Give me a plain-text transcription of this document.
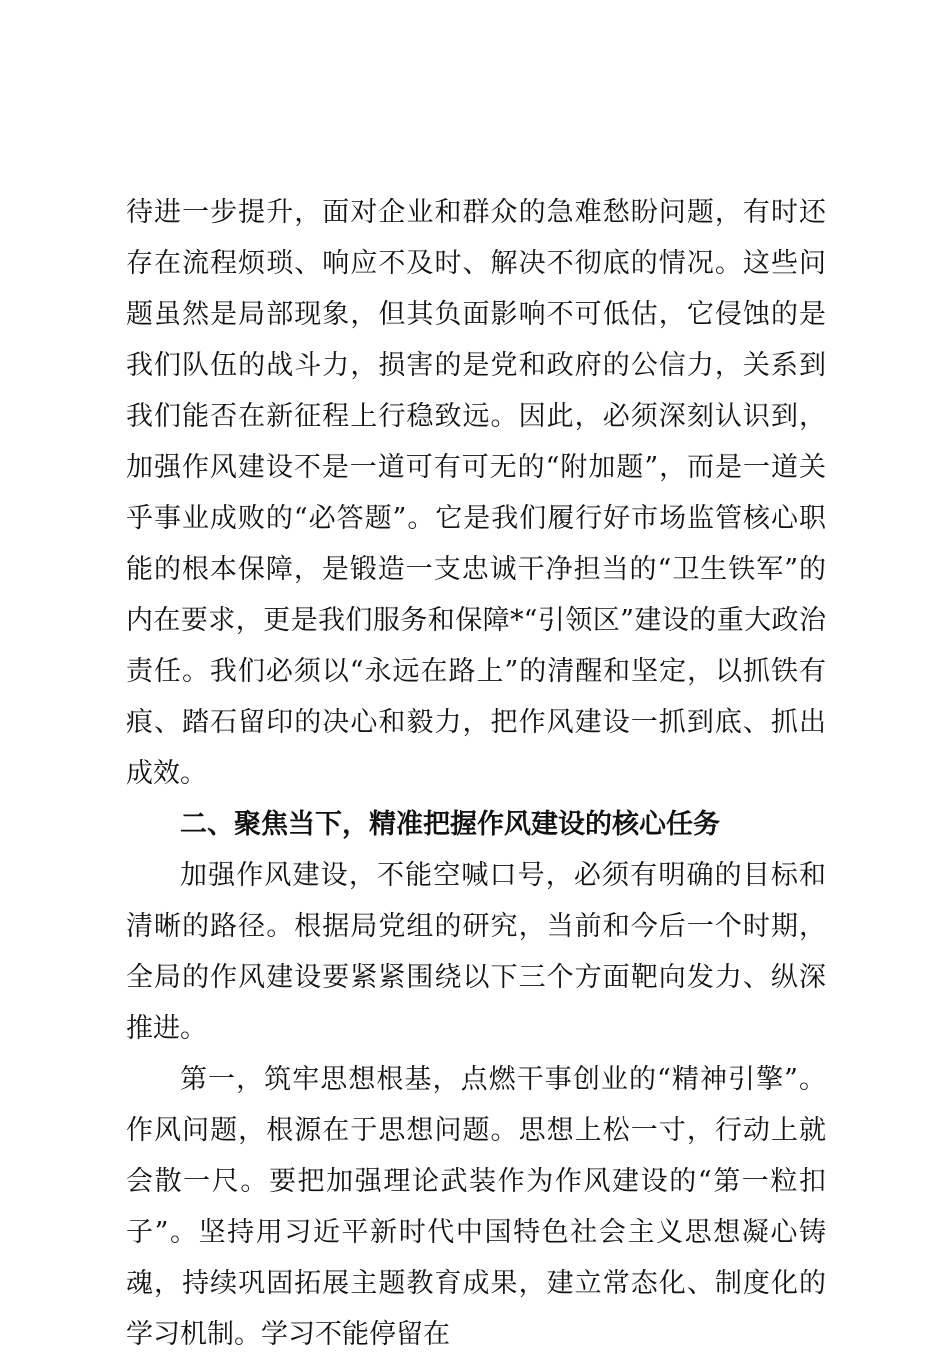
待进一步提升，面对企业和群众的急难愁盼问题，有时还存在流程烦琐、响应不及时、解决不彻底的情况。这些问题虽然是局部现象，但其负面影响不可低估，它侵蚀的是我们队伍的战斗力，损害的是党和政府的公信力，关系到我们能否在新征程上行稳致远。因此，必须深刻认识到，加强作风建设不是一道可有可无的“附加题”，而是一道关乎事业成败的“必答题”。它是我们履行好市场监管核心职能的根本保障，是锻造一支忠诚干净担当的“卫生铁军”的内在要求，更是我们服务和保障*“引领区”建设的重大政治责任。我们必须以“永远在路上”的清醒和坚定，以抓铁有痕、踏石留印的决心和毅力，把作风建设一抓到底、抓出成效。

二、聚焦当下，精准把握作风建设的核心任务

加强作风建设，不能空喊口号，必须有明确的目标和清晰的路径。根据局党组的研究，当前和今后一个时期，全局的作风建设要紧紧围绕以下三个方面靶向发力、纵深推进。

第一，筑牢思想根基，点燃干事创业的“精神引擎”。作风问题，根源在于思想问题。思想上松一寸，行动上就会散一尺。要把加强理论武装作为作风建设的“第一粒扣子”。坚持用习近平新时代中国特色社会主义思想凝心铸魂，持续巩固拓展主题教育成果，建立常态化、制度化的学习机制。学习不能停留在
